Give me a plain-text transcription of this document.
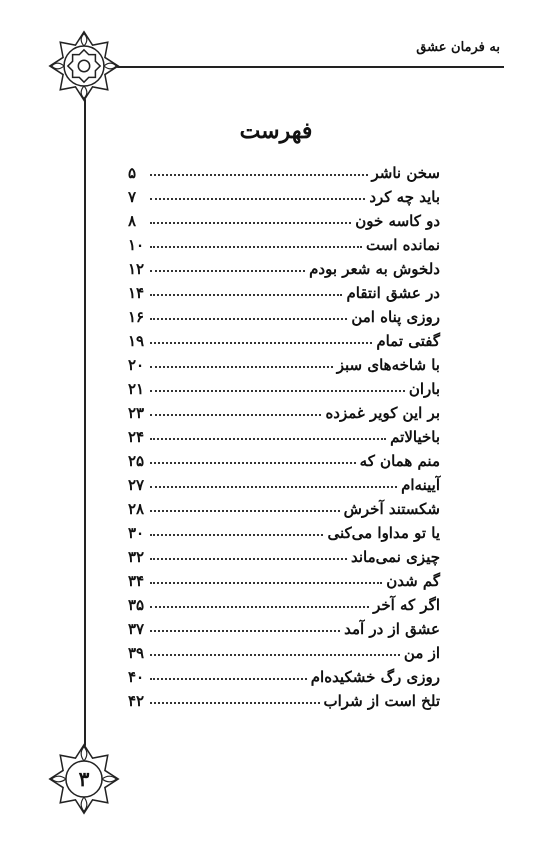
به فرمان عشق
فهرست
سخن ناشر
۵
باید چه کرد
۷
دو کاسه خون
۸
نمانده است
۱۰
دلخوش به شعر بودم
۱۲
در عشق انتقام
۱۴
روزی پناه امن
۱۶
گفتی تمام
۱۹
با شاخه‌های سبز
۲۰
باران
۲۱
بر این کویر غمزده
۲۳
باخیالاتم
۲۴
منم همان که
۲۵
آیینه‌ام
۲۷
شکستند آخرش
۲۸
یا تو مداوا می‌کنی
۳۰
چیزی نمی‌ماند
۳۲
گم شدن
۳۴
اگر که آخر
۳۵
عشق از در آمد
۳۷
از من
۳۹
روزی رگ خشکیده‌ام
۴۰
تلخ است از شراب
۴۲
۳
